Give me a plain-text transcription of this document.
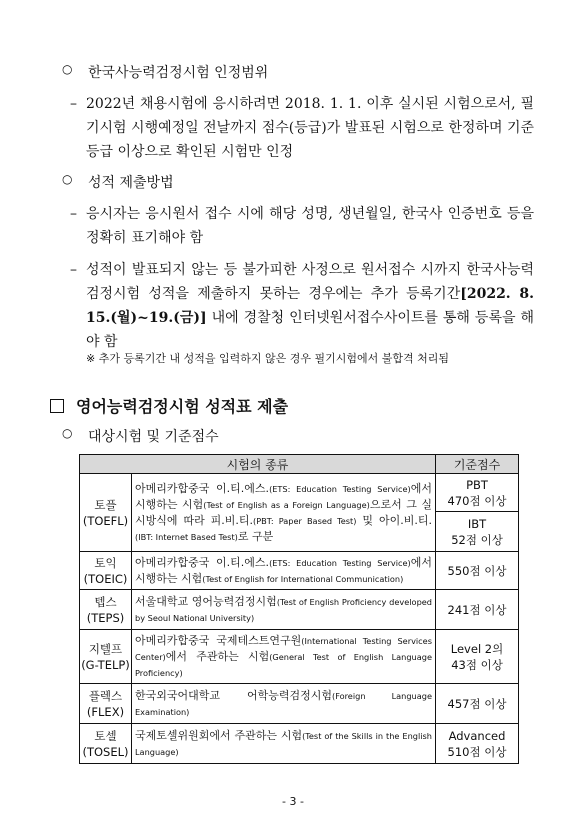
○ 한국사능력검정시험 인정범위
– 2022년 채용시험에 응시하려면 2018. 1. 1. 이후 실시된 시험으로서, 필기시험 시행예정일 전날까지 점수(등급)가 발표된 시험으로 한정하며 기준등급 이상으로 확인된 시험만 인정
○ 성적 제출방법
– 응시자는 응시원서 접수 시에 해당 성명, 생년월일, 한국사 인증번호 등을 정확히 표기해야 함
– 성적이 발표되지 않는 등 불가피한 사정으로 원서접수 시까지 한국사능력검정시험 성적을 제출하지 못하는 경우에는 추가 등록기간[2022. 8. 15.(월)~19.(금)] 내에 경찰청 인터넷원서접수사이트를 통해 등록을 해야 함
※ 추가 등록기간 내 성적을 입력하지 않은 경우 필기시험에서 불합격 처리됨
영어능력검정시험 성적표 제출
○ 대상시험 및 기준점수
시험의 종류		기준점수
토플
(TOEFL)	아메리카합중국 이.티.에스.(ETS: Education Testing Service)에서 시행하는 시험(Test of English as a Foreign Language)으로서 그 실시방식에 따라 피.비.티.(PBT: Paper Based Test) 및 아이.비.티.(IBT: Internet Based Test)로 구분	PBT
470점 이상
		IBT
52점 이상
토익
(TOEIC)	아메리카합중국 이.티.에스.(ETS: Education Testing Service)에서 시행하는 시험(Test of English for International Communication)	550점 이상
텝스
(TEPS)	서울대학교 영어능력검정시험(Test of English Proficiency developed by Seoul National University)	241점 이상
지텔프
(G-TELP)	아메리카합중국 국제테스트연구원(International Testing Services Center)에서 주관하는 시험(General Test of English Language Proficiency)	Level 2의
43점 이상
플렉스
(FLEX)	한국외국어대학교 어학능력검정시험(Foreign Language Examination)	457점 이상
토셀
(TOSEL)	국제토셀위원회에서 주관하는 시험(Test of the Skills in the English Language)	Advanced
510점 이상
- 3 -
